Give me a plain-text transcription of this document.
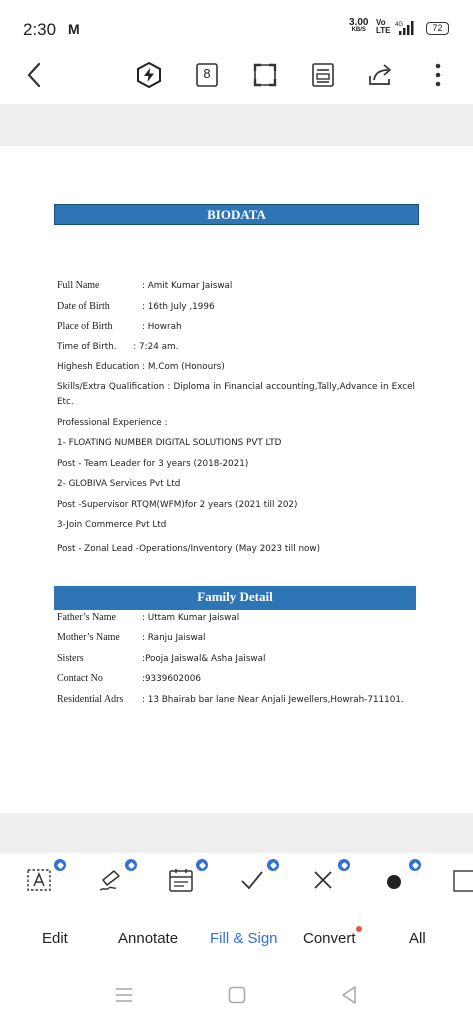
2:30 M	3.00
KB/S
Vo
LTE
4G	72
8
BIODATA
Full Name	: Amit Kumar Jaiswal
Date of Birth	: 16th July ,1996
Place of Birth	: Howrah
Time of Birth.      : 7:24 am.
Highesh Education : M.Com (Honours)
Skills/Extra Qualification : Diploma in Financial accounting,Tally,Advance in Excel Etc.
Professional Experience :
1- FLOATING NUMBER DIGITAL SOLUTIONS PVT LTD
Post - Team Leader for 3 years (2018-2021)
2- GLOBIVA Services Pvt Ltd
Post -Supervisor RTQM(WFM)for 2 years (2021 till 202)
3-Join Commerce Pvt Ltd
Post - Zonal Lead -Operations/Inventory (May 2023 till now)
Family Detail
Father’s Name	: Uttam Kumar Jaiswal
Mother’s Name	: Ranju Jaiswal
Sisters	:Pooja Jaiswal& Asha Jaiswal
Contact No	:9339602006
Residential Adrs : 13 Bhairab bar lane Near Anjali Jewellers,Howrah-711101.
Edit	Annotate Fill & Sign Convert	All
